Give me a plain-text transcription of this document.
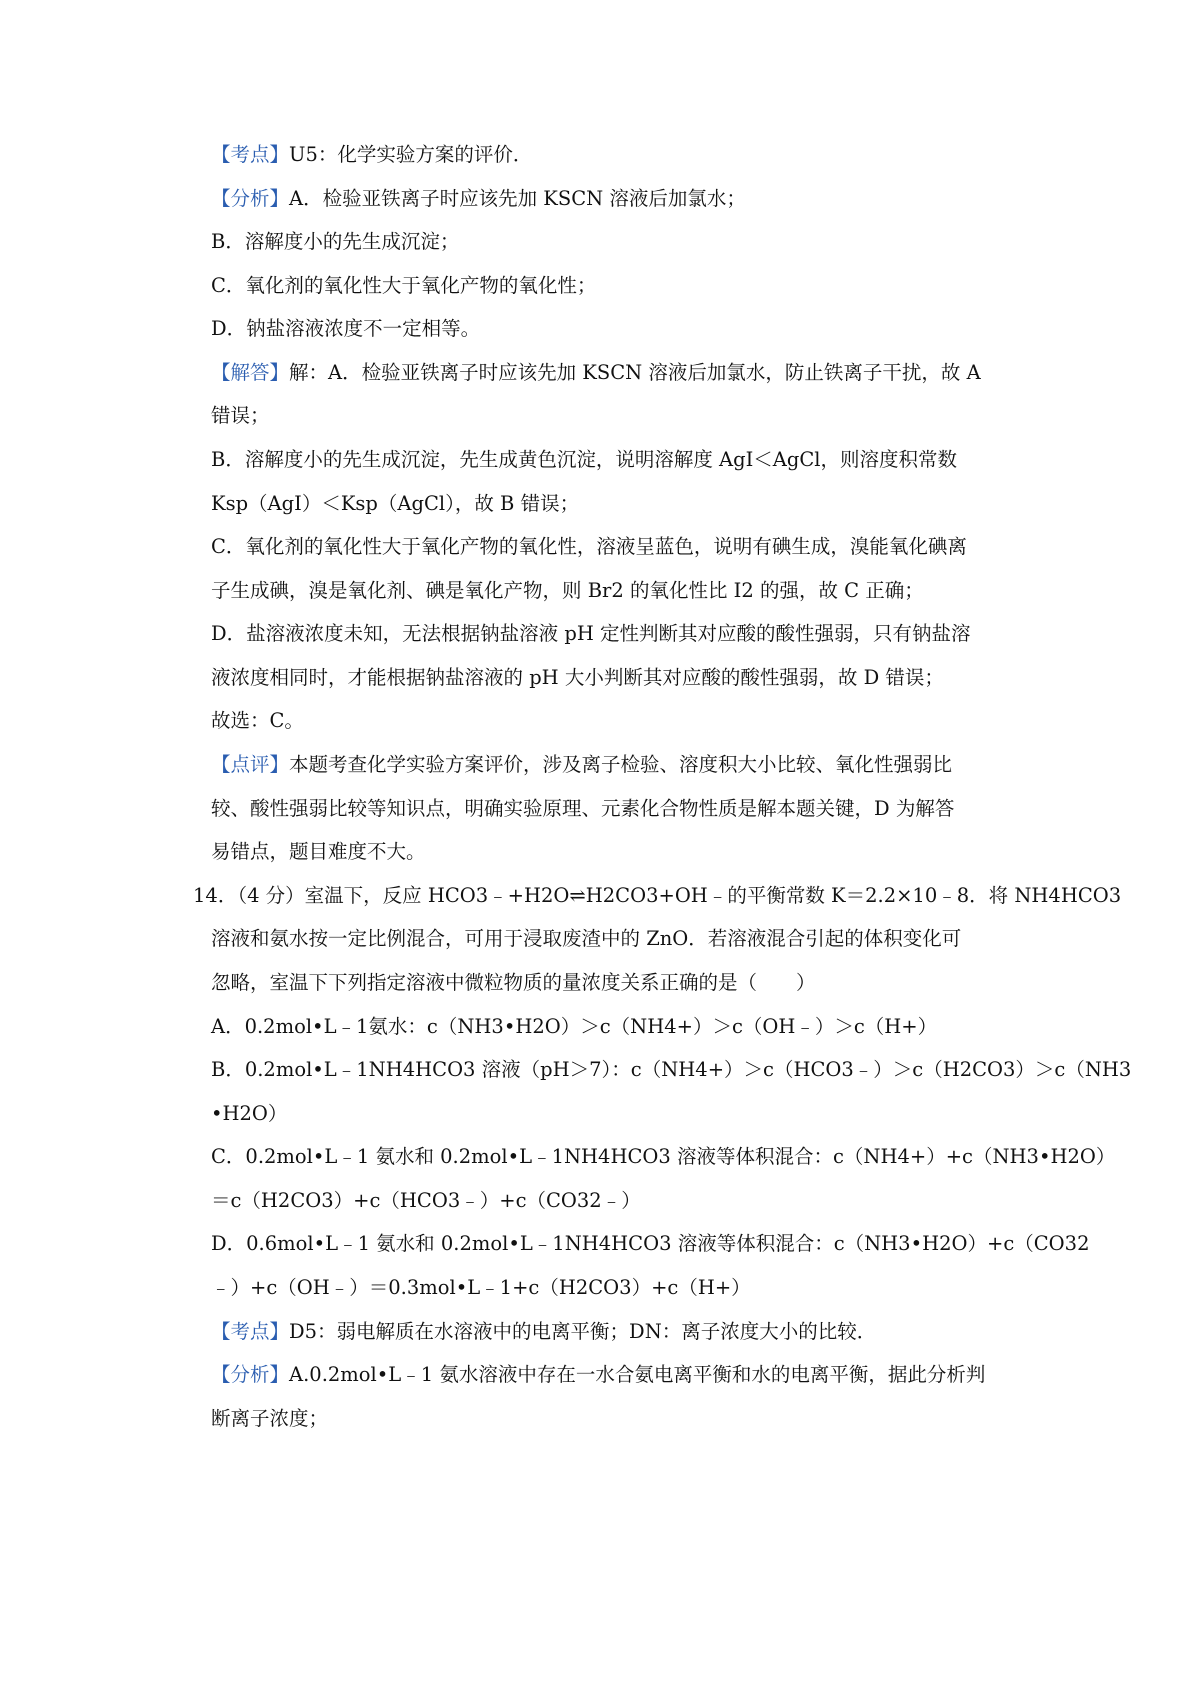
【考点】U5：化学实验方案的评价．
【分析】A．检验亚铁离子时应该先加 KSCN 溶液后加氯水；
B．溶解度小的先生成沉淀；
C．氧化剂的氧化性大于氧化产物的氧化性；
D．钠盐溶液浓度不一定相等。
【解答】解：A．检验亚铁离子时应该先加 KSCN 溶液后加氯水，防止铁离子干扰，故 A
错误；
B．溶解度小的先生成沉淀，先生成黄色沉淀，说明溶解度 AgI＜AgCl，则溶度积常数
Ksp（AgI）＜Ksp（AgCl），故 B 错误；
C．氧化剂的氧化性大于氧化产物的氧化性，溶液呈蓝色，说明有碘生成，溴能氧化碘离
子生成碘，溴是氧化剂、碘是氧化产物，则 Br2 的氧化性比 I2 的强，故 C 正确；
D．盐溶液浓度未知，无法根据钠盐溶液 pH 定性判断其对应酸的酸性强弱，只有钠盐溶
液浓度相同时，才能根据钠盐溶液的 pH 大小判断其对应酸的酸性强弱，故 D 错误；
故选：C。
【点评】本题考查化学实验方案评价，涉及离子检验、溶度积大小比较、氧化性强弱比
较、酸性强弱比较等知识点，明确实验原理、元素化合物性质是解本题关键，D 为解答
易错点，题目难度不大。
14．（4 分）室温下，反应 HCO3﹣+H2O⇌H2CO3+OH﹣的平衡常数 K＝2.2×10﹣8．将 NH4HCO3
溶液和氨水按一定比例混合，可用于浸取废渣中的 ZnO．若溶液混合引起的体积变化可
忽略，室温下下列指定溶液中微粒物质的量浓度关系正确的是（　　）
A．0.2mol•L﹣1氨水：c（NH3•H2O）＞c（NH4+）＞c（OH﹣）＞c（H+）
B．0.2mol•L﹣1NH4HCO3 溶液（pH＞7）：c（NH4+）＞c（HCO3﹣）＞c（H2CO3）＞c（NH3
•H2O）
C．0.2mol•L﹣1 氨水和 0.2mol•L﹣1NH4HCO3 溶液等体积混合：c（NH4+）+c（NH3•H2O）
＝c（H2CO3）+c（HCO3﹣）+c（CO32﹣）
D．0.6mol•L﹣1 氨水和 0.2mol•L﹣1NH4HCO3 溶液等体积混合：c（NH3•H2O）+c（CO32
﹣）+c（OH﹣）＝0.3mol•L﹣1+c（H2CO3）+c（H+）
【考点】D5：弱电解质在水溶液中的电离平衡；DN：离子浓度大小的比较．
【分析】A.0.2mol•L﹣1 氨水溶液中存在一水合氨电离平衡和水的电离平衡，据此分析判
断离子浓度；
